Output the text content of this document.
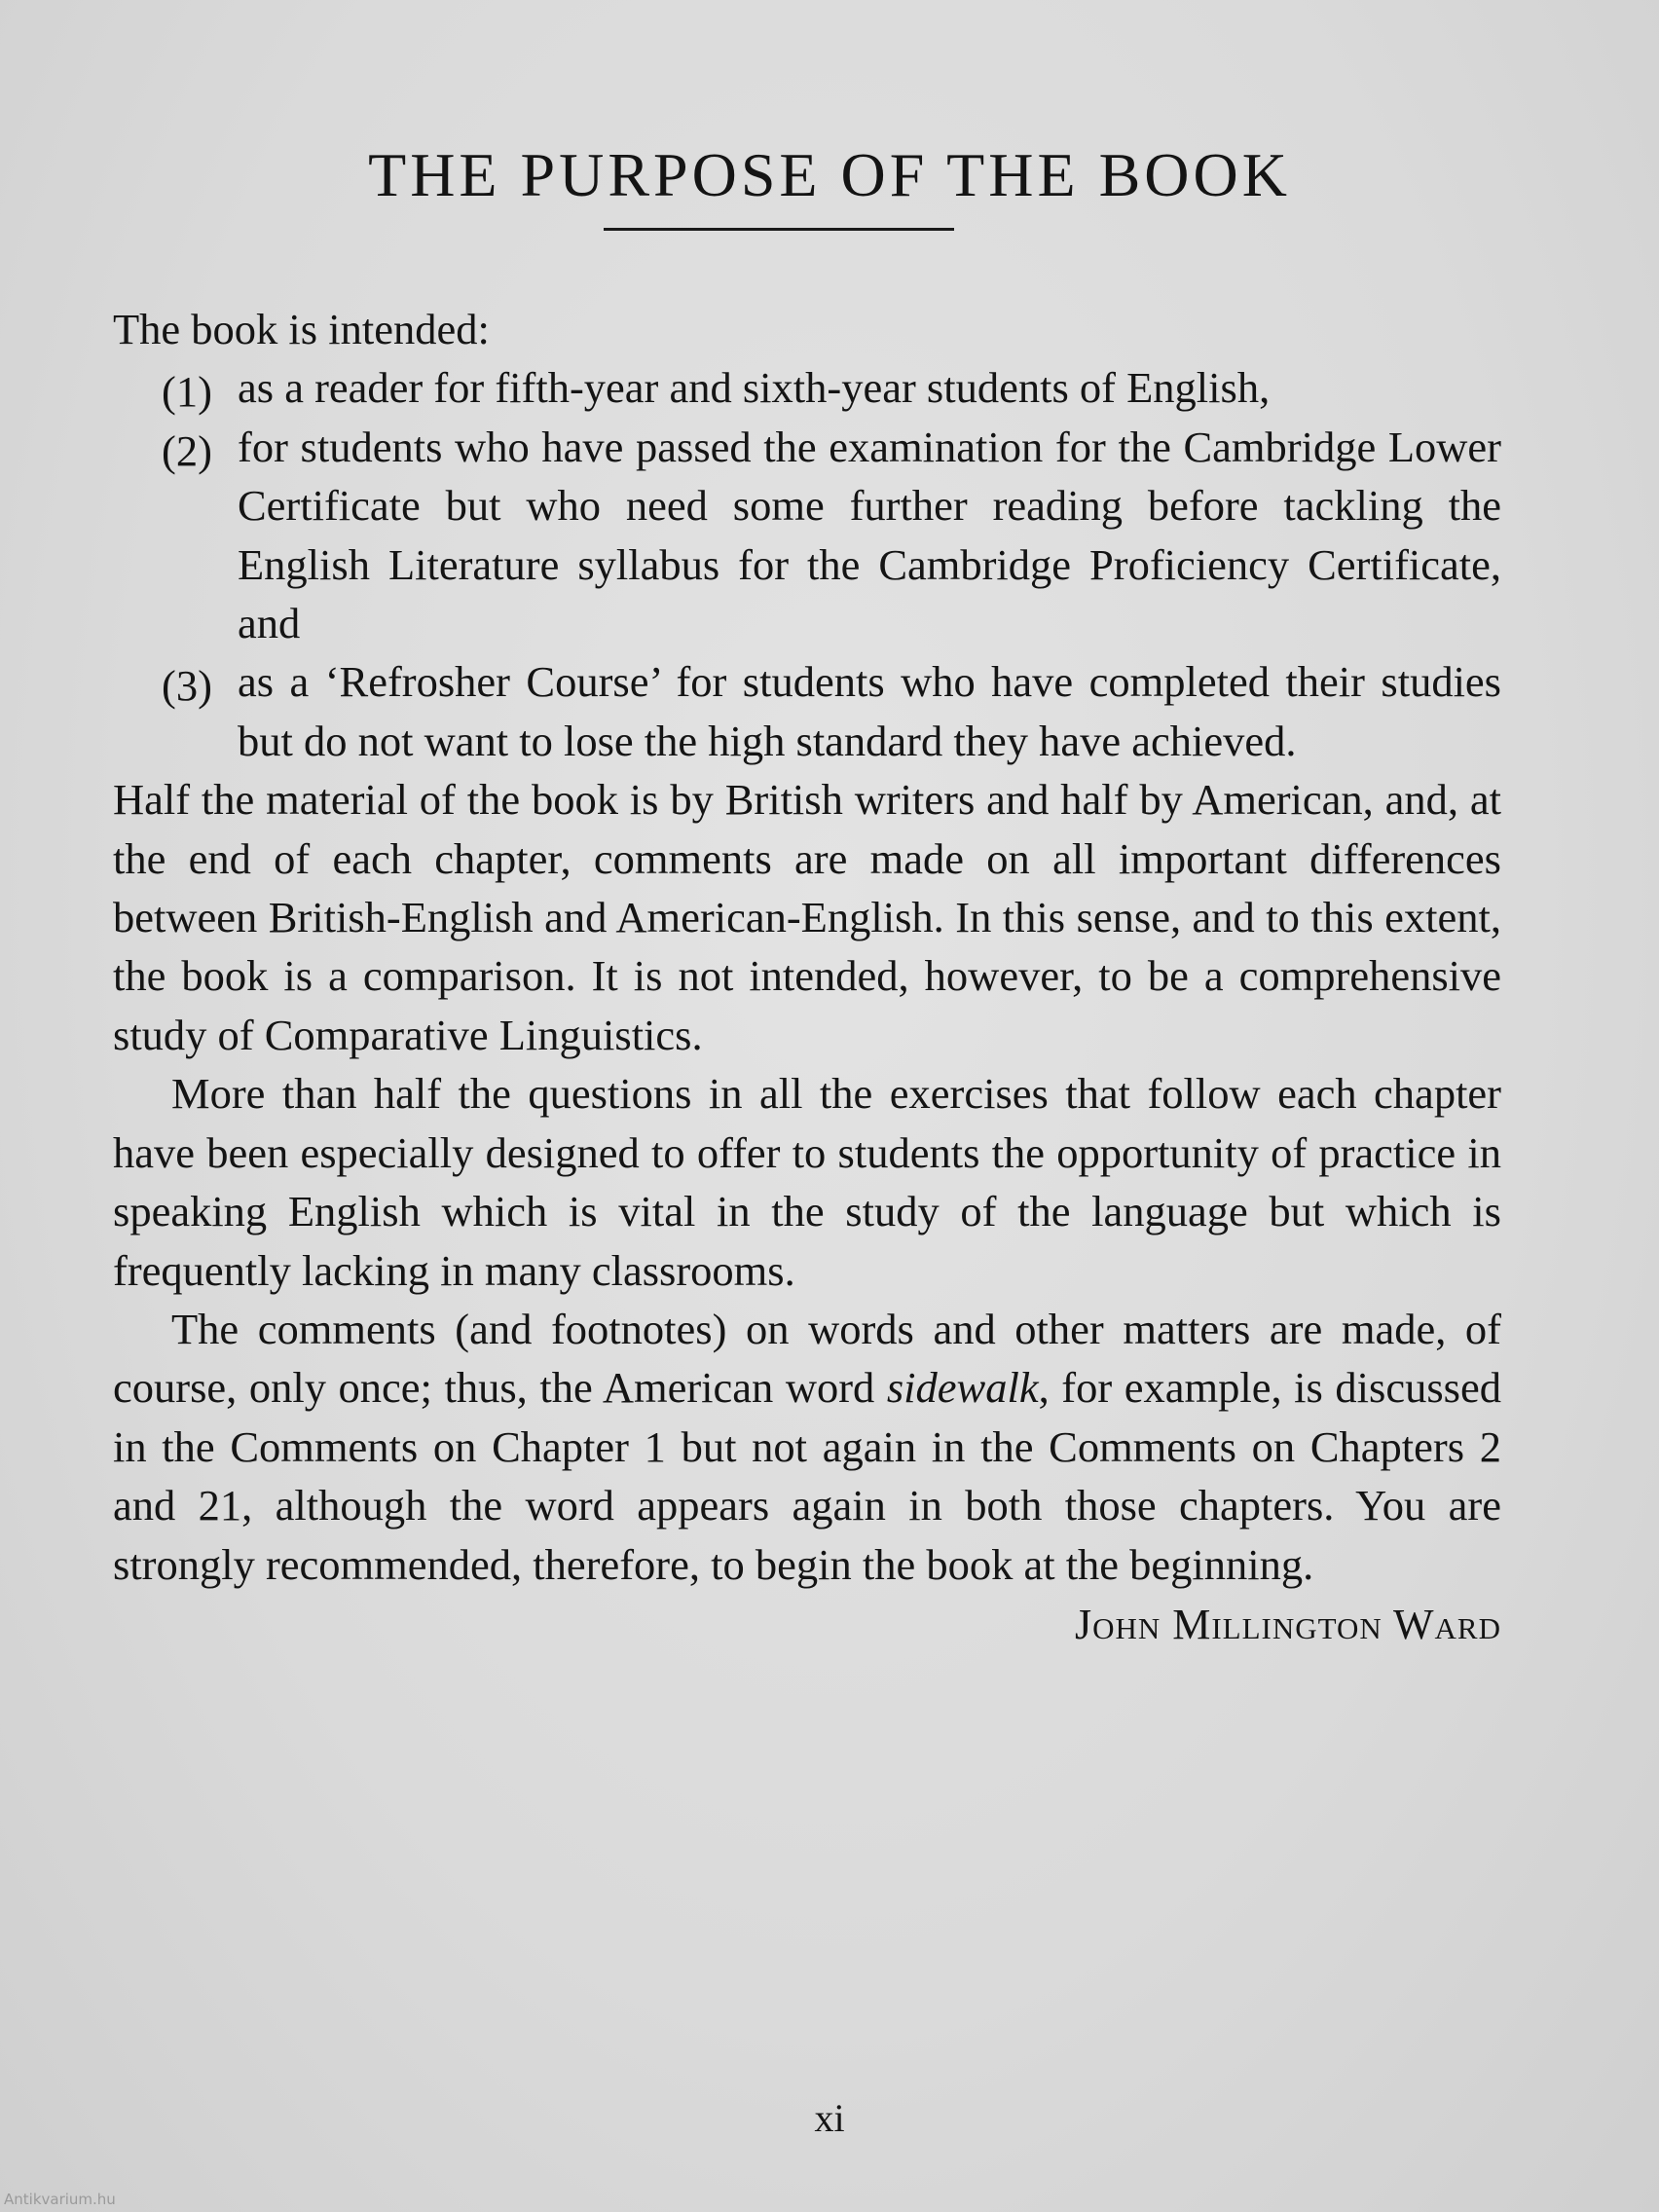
THE PURPOSE OF THE BOOK

The book is intended:

(1) as a reader for fifth-year and sixth-year students of English,
(2) for students who have passed the examination for the Cambridge Lower Certificate but who need some further reading before tackling the English Literature syllabus for the Cambridge Proficiency Certificate, and
(3) as a ‘Refrosher Course’ for students who have completed their studies but do not want to lose the high standard they have achieved.

Half the material of the book is by British writers and half by American, and, at the end of each chapter, comments are made on all important differences between British-English and American-English. In this sense, and to this extent, the book is a comparison. It is not intended, however, to be a comprehensive study of Comparative Linguistics.

More than half the questions in all the exercises that follow each chapter have been especially designed to offer to students the opportunity of practice in speaking English which is vital in the study of the language but which is frequently lacking in many classrooms.

The comments (and footnotes) on words and other matters are made, of course, only once; thus, the American word sidewalk, for example, is discussed in the Comments on Chapter 1 but not again in the Comments on Chapters 2 and 21, although the word appears again in both those chapters. You are strongly recommended, therefore, to begin the book at the beginning.

John Millington Ward

xi
Antikvarium.hu
